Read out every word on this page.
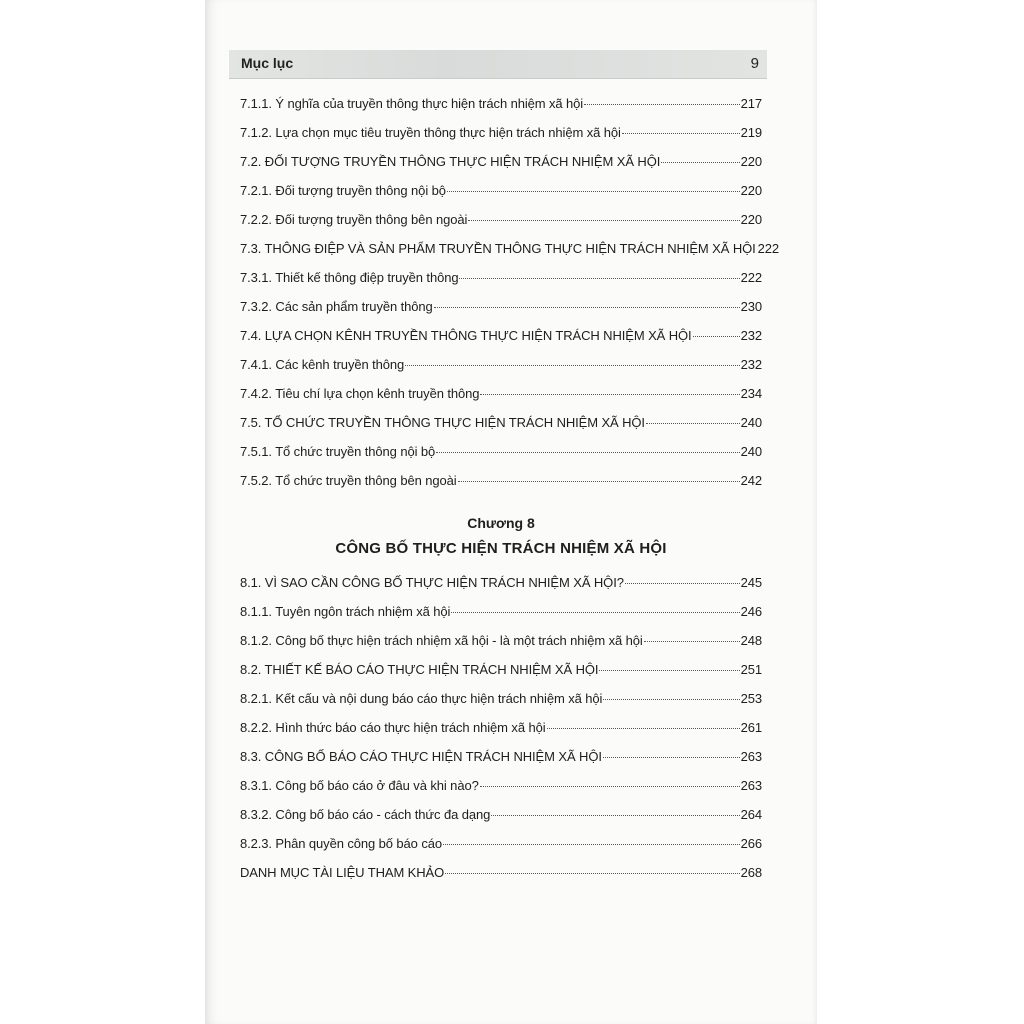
Mục lục	9
7.1.1. Ý nghĩa của truyền thông thực hiện trách nhiệm xã hội	217
7.1.2. Lựa chọn mục tiêu truyền thông thực hiện trách nhiệm xã hội	219
7.2. ĐỐI TƯỢNG TRUYỀN THÔNG THỰC HIỆN TRÁCH NHIỆM XÃ HỘI	220
7.2.1. Đối tượng truyền thông nội bộ	220
7.2.2. Đối tượng truyền thông bên ngoài	220
7.3. THÔNG ĐIỆP VÀ SẢN PHẨM TRUYỀN THÔNG THỰC HIỆN TRÁCH NHIỆM XÃ HỘI 222
7.3.1. Thiết kế thông điệp truyền thông	222
7.3.2. Các sản phẩm truyền thông	230
7.4. LỰA CHỌN KÊNH TRUYỀN THÔNG THỰC HIỆN TRÁCH NHIỆM XÃ HỘI	232
7.4.1. Các kênh truyền thông	232
7.4.2. Tiêu chí lựa chọn kênh truyền thông	234
7.5. TỔ CHỨC TRUYỀN THÔNG THỰC HIỆN TRÁCH NHIỆM XÃ HỘI	240
7.5.1. Tổ chức truyền thông nội bộ	240
7.5.2. Tổ chức truyền thông bên ngoài	242
Chương 8
CÔNG BỐ THỰC HIỆN TRÁCH NHIỆM XÃ HỘI
8.1. VÌ SAO CẦN CÔNG BỐ THỰC HIỆN TRÁCH NHIỆM XÃ HỘI?	245
8.1.1. Tuyên ngôn trách nhiệm xã hội	246
8.1.2. Công bố thực hiện trách nhiệm xã hội - là một trách nhiệm xã hội	248
8.2. THIẾT KẾ BÁO CÁO THỰC HIỆN TRÁCH NHIỆM XÃ HỘI	251
8.2.1. Kết cấu và nội dung báo cáo thực hiện trách nhiệm xã hội	253
8.2.2. Hình thức báo cáo thực hiện trách nhiệm xã hội	261
8.3. CÔNG BỐ BÁO CÁO THỰC HIỆN TRÁCH NHIỆM XÃ HỘI	263
8.3.1. Công bố báo cáo ở đâu và khi nào?	263
8.3.2. Công bố báo cáo - cách thức đa dạng	264
8.2.3. Phân quyền công bố báo cáo	266
DANH MỤC TÀI LIỆU THAM KHẢO	268
